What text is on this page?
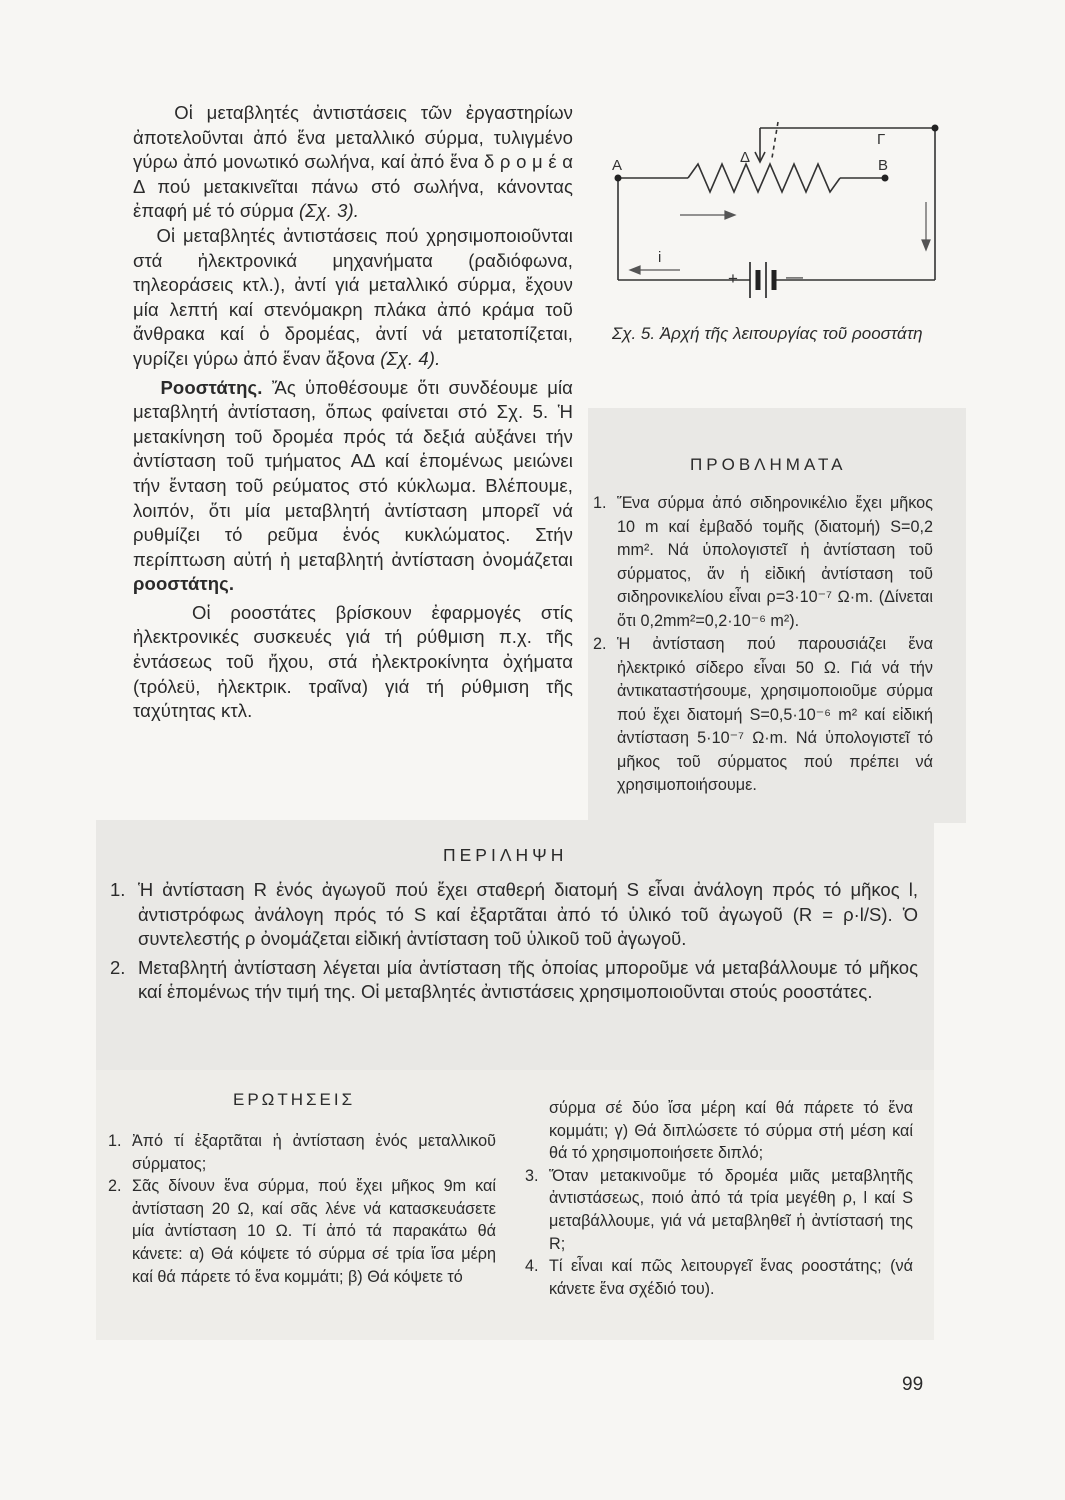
Οἱ μεταβλητές ἀντιστάσεις τῶν ἐργαστηρίων ἀποτελοῦνται ἀπό ἕνα μεταλλικό σύρμα, τυλιγμένο γύρω ἀπό μονωτικό σωλήνα, καί ἀπό ἕνα δ ρ ο μ έ α Δ πού μετακινεῖται πάνω στό σωλήνα, κάνοντας ἐπαφή μέ τό σύρμα (Σχ. 3).

Οἱ μεταβλητές ἀντιστάσεις πού χρησιμοποιοῦνται στά ἠλεκτρονικά μηχανήματα (ραδιόφωνα, τηλεοράσεις κτλ.), ἀντί γιά μεταλλικό σύρμα, ἔχουν μία λεπτή καί στενόμακρη πλάκα ἀπό κράμα τοῦ ἄνθρακα καί ὁ δρομέας, ἀντί νά μετατοπίζεται, γυρίζει γύρω ἀπό ἕναν ἄξονα (Σχ. 4).

Ροοστάτης. Ἄς ὑποθέσουμε ὅτι συνδέουμε μία μεταβλητή ἀντίσταση, ὅπως φαίνεται στό Σχ. 5. Ἡ μετακίνηση τοῦ δρομέα πρός τά δεξιά αὐξάνει τήν ἀντίσταση τοῦ τμήματος ΑΔ καί ἑπομένως μειώνει τήν ἔνταση τοῦ ρεύματος στό κύκλωμα. Βλέπουμε, λοιπόν, ὅτι μία μεταβλητή ἀντίσταση μπορεῖ νά ρυθμίζει τό ρεῦμα ἑνός κυκλώματος. Στήν περίπτωση αὐτή ἡ μεταβλητή ἀντίσταση ὀνομάζεται ροοστάτης.

Οἱ ροοστάτες βρίσκουν ἐφαρμογές στίς ἠλεκτρονικές συσκευές γιά τή ρύθμιση π.χ. τῆς ἐντάσεως τοῦ ἤχου, στά ἠλεκτροκίνητα ὀχήματα (τρόλεϋ, ἠλεκτρικ. τραῖνα) γιά τή ρύθμιση τῆς ταχύτητας κτλ.

A	B
Δ
Γ
i
+	—
Σχ. 5. Ἀρχή τῆς λειτουργίας τοῦ ροοστάτη
ΠΡΟΒΛΗΜΑΤΑ
1. Ἕνα σύρμα ἀπό σιδηρονικέλιο ἔχει μῆκος 10 m καί ἐμβαδό τομῆς (διατομή) S=0,2 mm². Νά ὑπολογιστεῖ ἡ ἀντίσταση τοῦ σύρματος, ἄν ἡ εἰδική ἀντίσταση τοῦ σιδηρονικελίου εἶναι ρ=3·10⁻⁷ Ω·m. (Δίνεται ὅτι 0,2mm²=0,2·10⁻⁶ m²).
2. Ἡ ἀντίσταση πού παρουσιάζει ἕνα ἠλεκτρικό σίδερο εἶναι 50 Ω. Γιά νά τήν ἀντικαταστήσουμε, χρησιμοποιοῦμε σύρμα πού ἔχει διατομή S=0,5·10⁻⁶ m² καί εἰδική ἀντίσταση 5·10⁻⁷ Ω·m. Νά ὑπολογιστεῖ τό μῆκος τοῦ σύρματος πού πρέπει νά χρησιμοποιήσουμε.
ΠΕΡΙΛΗΨΗ
1. Ἡ ἀντίσταση R ἑνός ἀγωγοῦ πού ἔχει σταθερή διατομή S εἶναι ἀνάλογη πρός τό μῆκος l, ἀντιστρόφως ἀνάλογη πρός τό S καί ἐξαρτᾶται ἀπό τό ὑλικό τοῦ ἀγωγοῦ (R = ρ·l/S). Ὁ συντελεστής ρ ὀνομάζεται εἰδική ἀντίσταση τοῦ ὑλικοῦ τοῦ ἀγωγοῦ.
2. Μεταβλητή ἀντίσταση λέγεται μία ἀντίσταση τῆς ὁποίας μποροῦμε νά μεταβάλλουμε τό μῆκος καί ἑπομένως τήν τιμή της. Οἱ μεταβλητές ἀντιστάσεις χρησιμοποιοῦνται στούς ροοστάτες.
ΕΡΩΤΗΣΕΙΣ
1. Ἀπό τί ἐξαρτᾶται ἡ ἀντίσταση ἑνός μεταλλικοῦ σύρματος;
2. Σᾶς δίνουν ἕνα σύρμα, πού ἔχει μῆκος 9m καί ἀντίσταση 20 Ω, καί σᾶς λένε νά κατασκευάσετε μία ἀντίσταση 10 Ω. Τί ἀπό τά παρακάτω θά κάνετε: α) Θά κόψετε τό σύρμα σέ τρία ἴσα μέρη καί θά πάρετε τό ἕνα κομμάτι; β) Θά κόψετε τό
σύρμα σέ δύο ἴσα μέρη καί θά πάρετε τό ἕνα κομμάτι; γ) Θά διπλώσετε τό σύρμα στή μέση καί θά τό χρησιμοποιήσετε διπλό;
3. Ὅταν μετακινοῦμε τό δρομέα μιᾶς μεταβλητῆς ἀντιστάσεως, ποιό ἀπό τά τρία μεγέθη ρ, l καί S μεταβάλλουμε, γιά νά μεταβληθεῖ ἡ ἀντίστασή της R;
4. Τί εἶναι καί πῶς λειτουργεῖ ἕνας ροοστάτης; (νά κάνετε ἕνα σχέδιό του).
99
